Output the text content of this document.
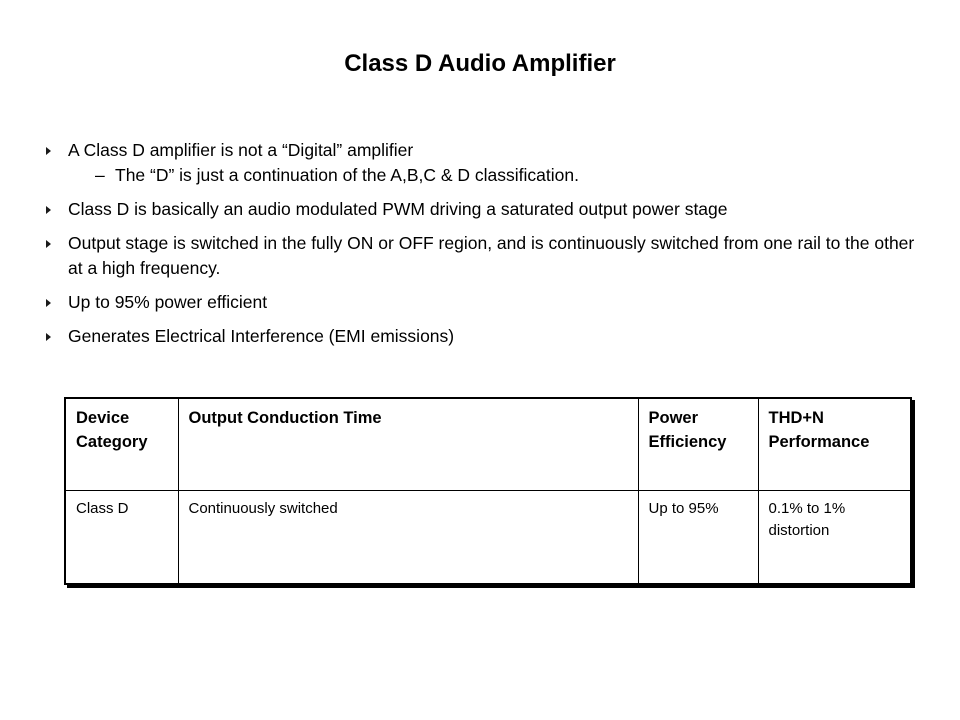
Class D Audio Amplifier
A Class D amplifier is not a “Digital” amplifier
– The “D” is just a continuation of the A,B,C & D classification.
Class D is basically an audio modulated PWM driving a saturated output power stage
Output stage is switched in the fully ON or OFF region, and is continuously switched from one rail to the other at a high frequency.
Up to 95% power efficient
Generates Electrical Interference (EMI emissions)
Device Category	Output Conduction Time	Power Efficiency	THD+N Performance
Class D	Continuously switched	Up to 95%	0.1% to 1% distortion
